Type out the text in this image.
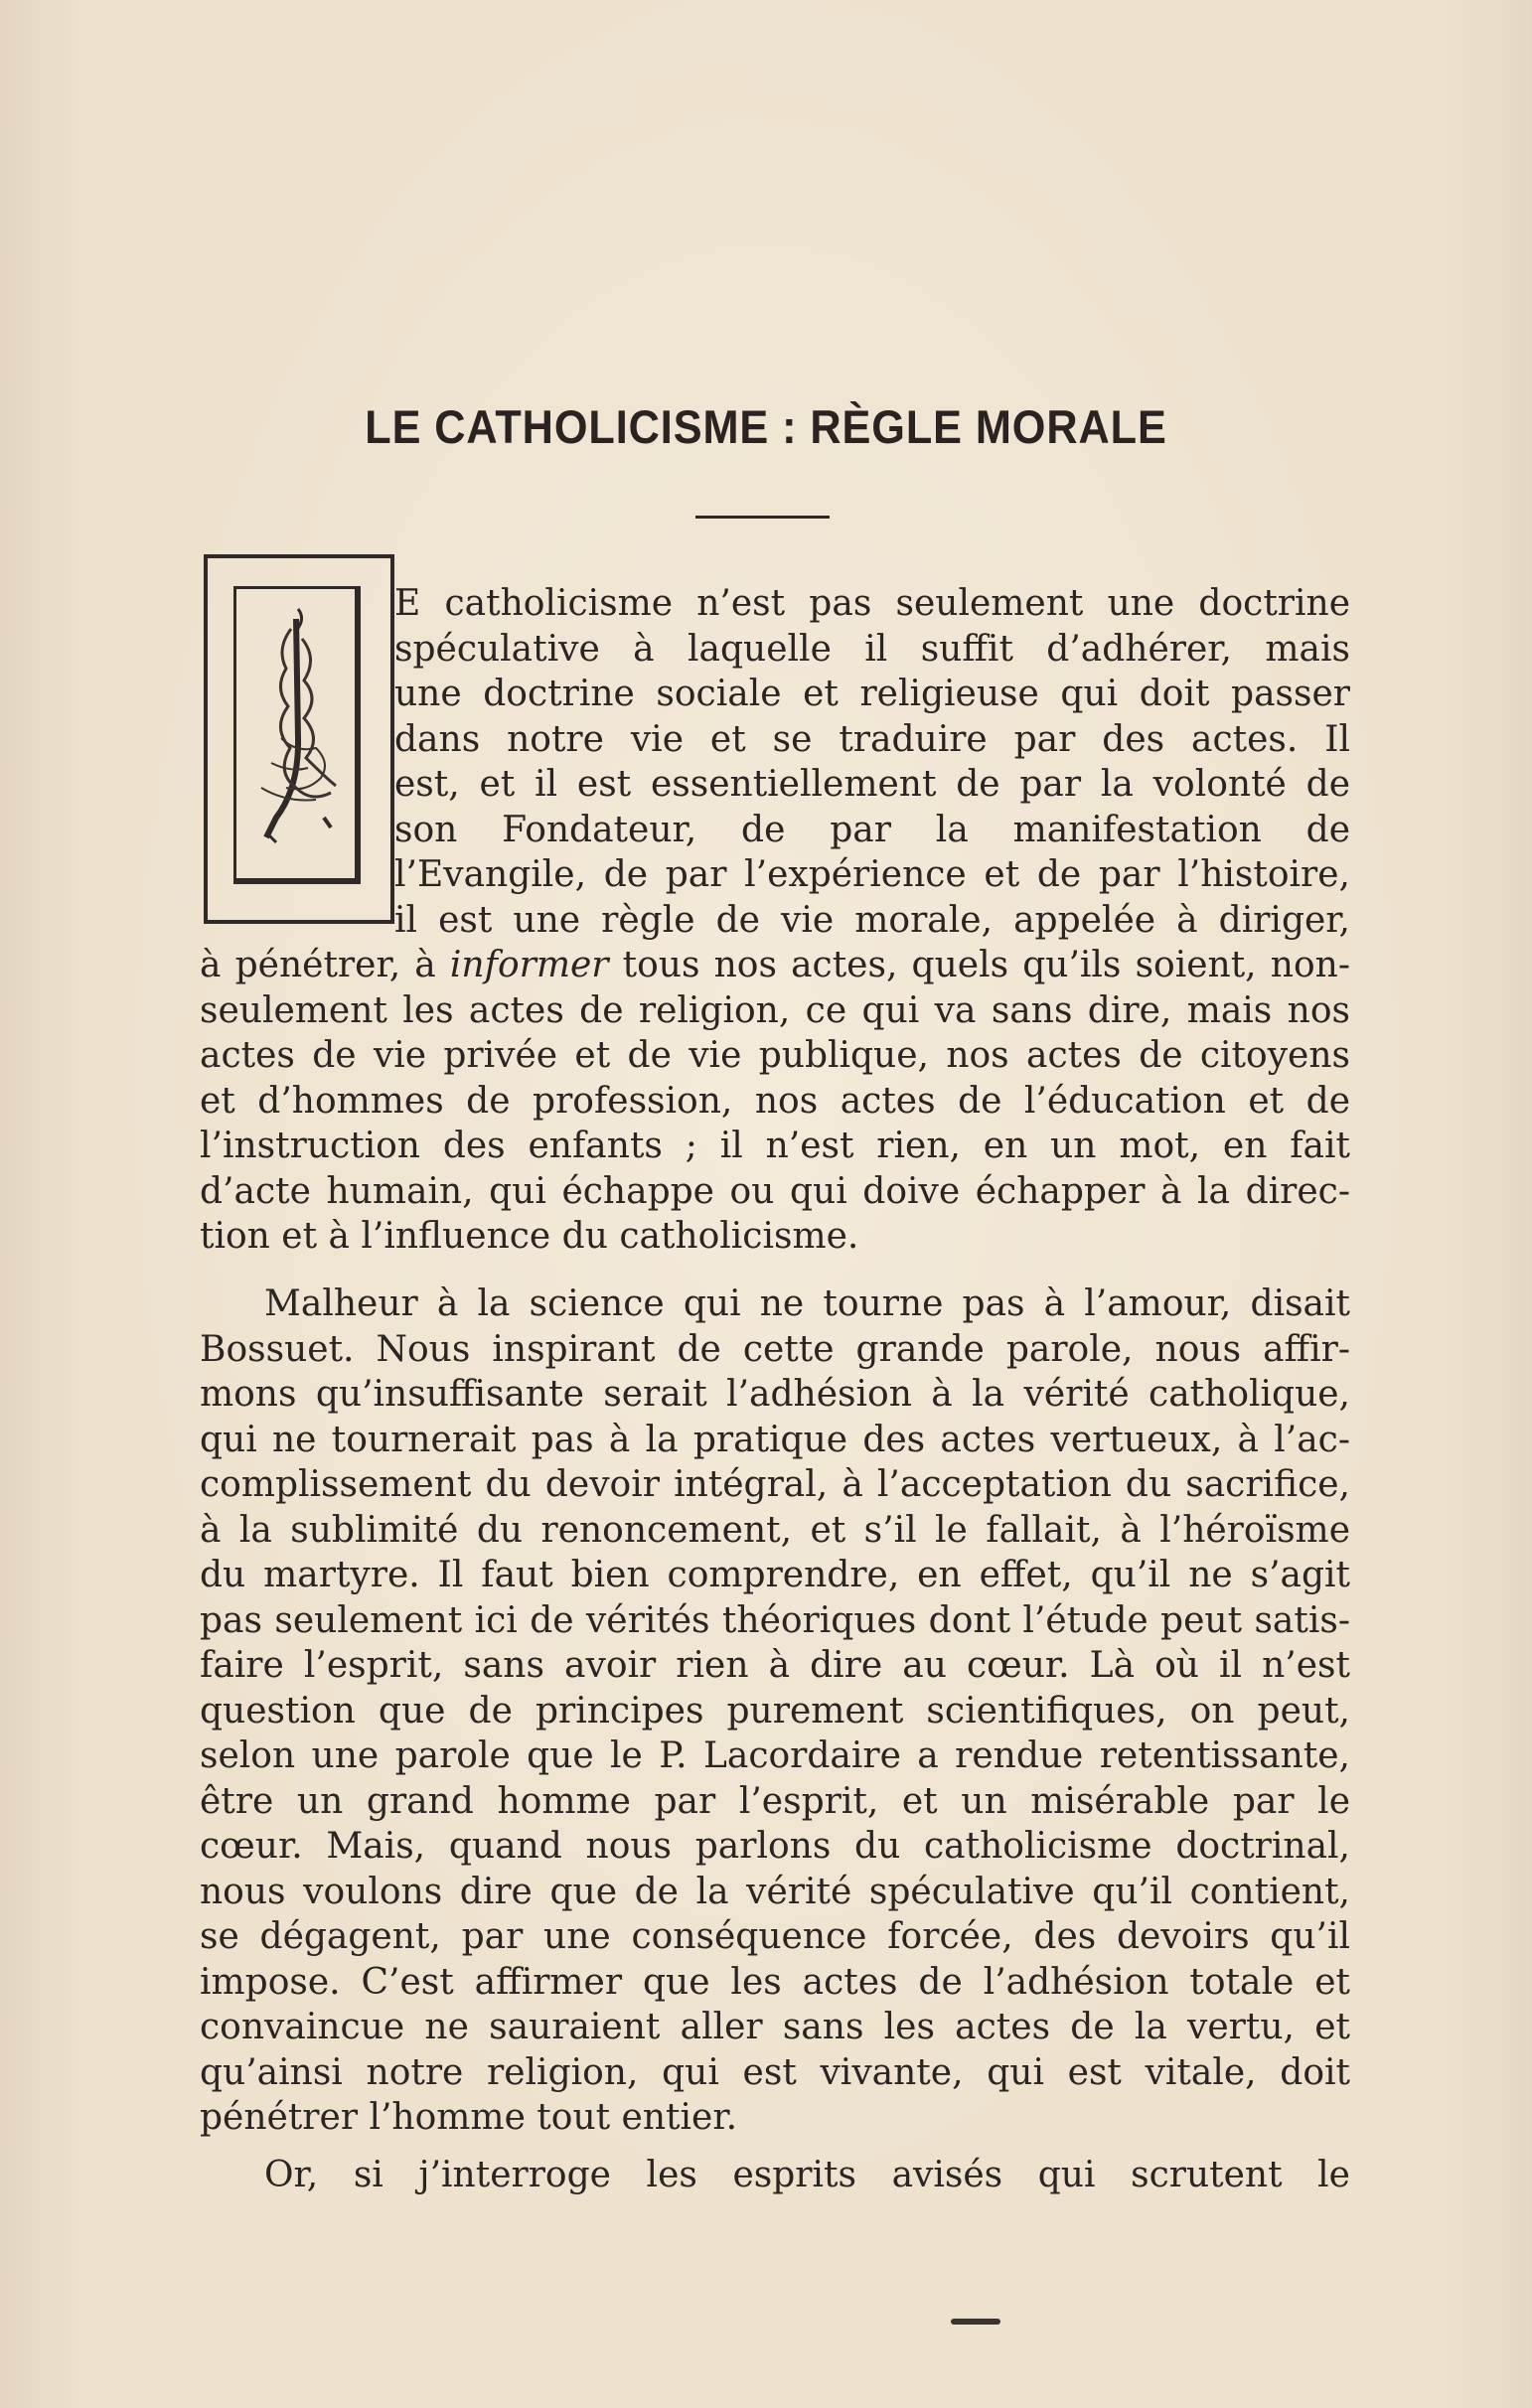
LE CATHOLICISME : RÈGLE MORALE
E catholicisme n’est pas seulement une doctrine
spéculative à laquelle il suffit d’adhérer, mais
une doctrine sociale et religieuse qui doit passer
dans notre vie et se traduire par des actes. Il
est, et il est essentiellement de par la volonté de
son Fondateur, de par la manifestation de
l’Evangile, de par l’expérience et de par l’histoire,
il est une règle de vie morale, appelée à diriger,
à pénétrer, à informer tous nos actes, quels qu’ils soient, non-
seulement les actes de religion, ce qui va sans dire, mais nos
actes de vie privée et de vie publique, nos actes de citoyens
et d’hommes de profession, nos actes de l’éducation et de
l’instruction des enfants ; il n’est rien, en un mot, en fait
d’acte humain, qui échappe ou qui doive échapper à la direc-
tion et à l’influence du catholicisme.
Malheur à la science qui ne tourne pas à l’amour, disait
Bossuet. Nous inspirant de cette grande parole, nous affir-
mons qu’insuffisante serait l’adhésion à la vérité catholique,
qui ne tournerait pas à la pratique des actes vertueux, à l’ac-
complissement du devoir intégral, à l’acceptation du sacrifice,
à la sublimité du renoncement, et s’il le fallait, à l’héroïsme
du martyre. Il faut bien comprendre, en effet, qu’il ne s’agit
pas seulement ici de vérités théoriques dont l’étude peut satis-
faire l’esprit, sans avoir rien à dire au cœur. Là où il n’est
question que de principes purement scientifiques, on peut,
selon une parole que le P. Lacordaire a rendue retentissante,
être un grand homme par l’esprit, et un misérable par le
cœur. Mais, quand nous parlons du catholicisme doctrinal,
nous voulons dire que de la vérité spéculative qu’il contient,
se dégagent, par une conséquence forcée, des devoirs qu’il
impose. C’est affirmer que les actes de l’adhésion totale et
convaincue ne sauraient aller sans les actes de la vertu, et
qu’ainsi notre religion, qui est vivante, qui est vitale, doit
pénétrer l’homme tout entier.
Or, si j’interroge les esprits avisés qui scrutent le
